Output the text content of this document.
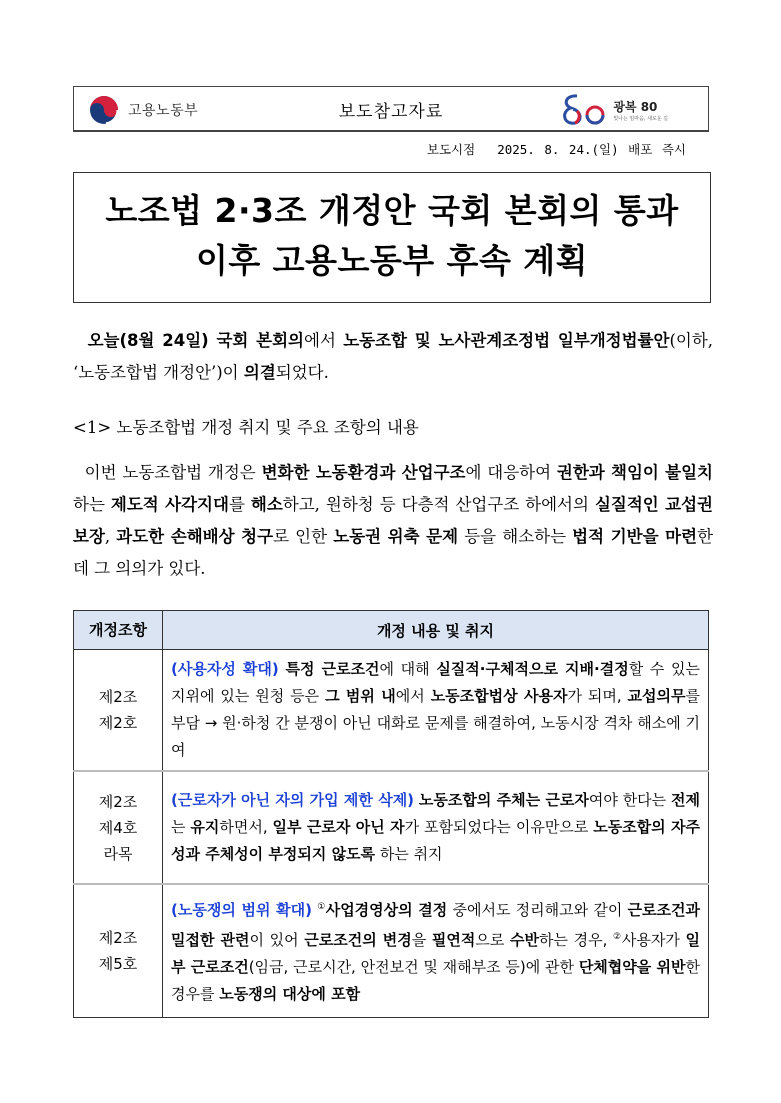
고용노동부	보도참고자료	광복 80
빛나는 임마음, 새로운 길
보도시점 2025. 8. 24.(일) 배포 즉시
노조법 2·3조 개정안 국회 본회의 통과
이후 고용노동부 후속 계획
오늘(8월 24일) 국회 본회의에서 노동조합 및 노사관계조정법 일부개정법률안(이하, ‘노동조합법 개정안’)이 의결되었다.
<1> 노동조합법 개정 취지 및 주요 조항의 내용
이번 노동조합법 개정은 변화한 노동환경과 산업구조에 대응하여 권한과 책임이 불일치하는 제도적 사각지대를 해소하고, 원하청 등 다층적 산업구조 하에서의 실질적인 교섭권 보장, 과도한 손해배상 청구로 인한 노동권 위축 문제 등을 해소하는 법적 기반을 마련한 데 그 의의가 있다.
개정조항	개정 내용 및 취지

제2조
제2호	(사용자성 확대) 특정 근로조건에 대해 실질적·구체적으로 지배·결정할 수 있는 지위에 있는 원청 등은 그 범위 내에서 노동조합법상 사용자가 되며, 교섭의무를 부담 → 원·하청 간 분쟁이 아닌 대화로 문제를 해결하여, 노동시장 격차 해소에 기여

제2조
제4호
라목	(근로자가 아닌 자의 가입 제한 삭제) 노동조합의 주체는 근로자여야 한다는 전제는 유지하면서, 일부 근로자 아닌 자가 포함되었다는 이유만으로 노동조합의 자주성과 주체성이 부정되지 않도록 하는 취지

제2조
제5호	(노동쟁의 범위 확대) ①사업경영상의 결정 중에서도 정리해고와 같이 근로조건과 밀접한 관련이 있어 근로조건의 변경을 필연적으로 수반하는 경우, ②사용자가 일부 근로조건(임금, 근로시간, 안전보건 및 재해부조 등)에 관한 단체협약을 위반한 경우를 노동쟁의 대상에 포함
